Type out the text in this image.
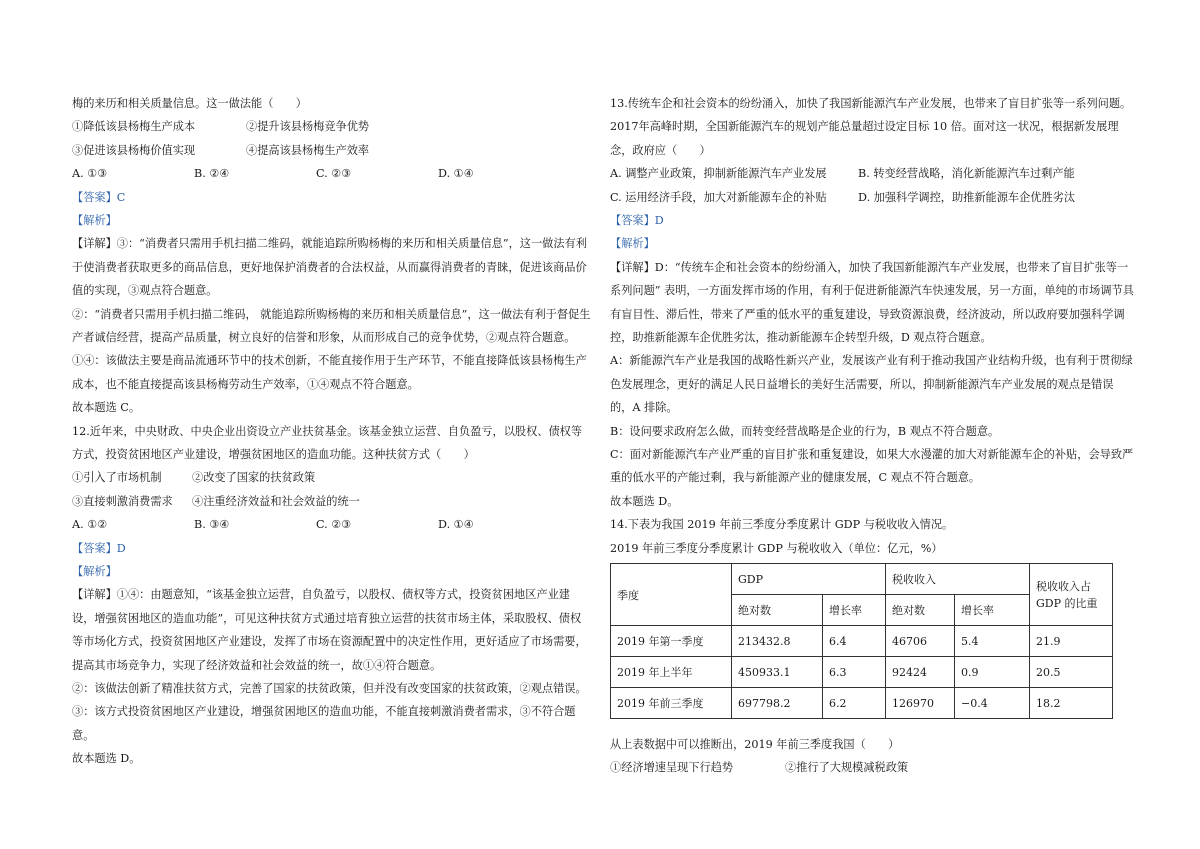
梅的来历和相关质量信息。这一做法能（　　）
①降低该县杨梅生产成本	②提升该县杨梅竞争优势
③促进该县杨梅价值实现	④提高该县杨梅生产效率
A. ①③	B. ②④	C. ②③	D. ①④
【答案】C
【解析】
【详解】③：“消费者只需用手机扫描二维码，就能追踪所购杨梅的来历和相关质量信息”，这一做法有利于使消费者获取更多的商品信息，更好地保护消费者的合法权益，从而赢得消费者的青睐，促进该商品价值的实现，③观点符合题意。
②：“消费者只需用手机扫描二维码， 就能追踪所购杨梅的来历和相关质量信息”，这一做法有利于督促生产者诚信经营，提高产品质量，树立良好的信誉和形象，从而形成自己的竞争优势，②观点符合题意。
①④：该做法主要是商品流通环节中的技术创新，不能直接作用于生产环节，不能直接降低该县杨梅生产成本，也不能直接提高该县杨梅劳动生产效率，①④观点不符合题意。
故本题选 C。
12.近年来，中央财政、中央企业出资设立产业扶贫基金。该基金独立运营、自负盈亏，以股权、债权等方式，投资贫困地区产业建设，增强贫困地区的造血功能。这种扶贫方式（　　）
①引入了市场机制	②改变了国家的扶贫政策
③直接刺激消费需求	④注重经济效益和社会效益的统一
A. ①②	B. ③④	C. ②③	D. ①④
【答案】D
【解析】
【详解】①④：由题意知，“该基金独立运营，自负盈亏，以股权、债权等方式，投资贫困地区产业建设，增强贫困地区的造血功能”，可见这种扶贫方式通过培育独立运营的扶贫市场主体，采取股权、债权等市场化方式，投资贫困地区产业建设，发挥了市场在资源配置中的决定性作用，更好适应了市场需要，提高其市场竞争力，实现了经济效益和社会效益的统一，故①④符合题意。
②：该做法创新了精准扶贫方式，完善了国家的扶贫政策，但并没有改变国家的扶贫政策，②观点错误。
③：该方式投资贫困地区产业建设，增强贫困地区的造血功能，不能直接刺激消费者需求，③不符合题意。
故本题选 D。
13.传统车企和社会资本的纷纷涌入，加快了我国新能源汽车产业发展，也带来了盲目扩张等一系列问题。2017年高峰时期，全国新能源汽车的规划产能总量超过设定目标 10 倍。面对这一状况，根据新发展理念，政府应（　　）
A. 调整产业政策，抑制新能源汽车产业发展	B. 转变经营战略，消化新能源汽车过剩产能
C. 运用经济手段，加大对新能源车企的补贴	D. 加强科学调控，助推新能源车企优胜劣汰
【答案】D
【解析】
【详解】D：“传统车企和社会资本的纷纷涌入，加快了我国新能源汽车产业发展，也带来了盲目扩张等一系列问题” 表明，一方面发挥市场的作用，有利于促进新能源汽车快速发展，另一方面，单纯的市场调节具有盲目性、滞后性，带来了严重的低水平的重复建设，导致资源浪费，经济波动，所以政府要加强科学调控，助推新能源车企优胜劣汰，推动新能源车企转型升级，D 观点符合题意。
A：新能源汽车产业是我国的战略性新兴产业，发展该产业有利于推动我国产业结构升级，也有利于贯彻绿色发展理念，更好的满足人民日益增长的美好生活需要，所以，抑制新能源汽车产业发展的观点是错误的，A 排除。
B：设问要求政府怎么做，而转变经营战略是企业的行为，B 观点不符合题意。
C：面对新能源汽车产业严重的盲目扩张和重复建设，如果大水漫灌的加大对新能源车企的补贴，会导致严重的低水平的产能过剩，我与新能源产业的健康发展，C 观点不符合题意。
故本题选 D。
14.下表为我国 2019 年前三季度分季度累计 GDP 与税收收入情况。
2019 年前三季度分季度累计 GDP 与税收收入（单位：亿元，%）
季度	GDP		税收收入		税收收入占 GDP 的比重
	绝对数	增长率	绝对数	增长率	
2019 年第一季度	213432.8	6.4	46706	5.4	21.9
2019 年上半年	450933.1	6.3	92424	0.9	20.5
2019 年前三季度	697798.2	6.2	126970	−0.4	18.2
从上表数据中可以推断出，2019 年前三季度我国（　　）
①经济增速呈现下行趋势	②推行了大规模减税政策
